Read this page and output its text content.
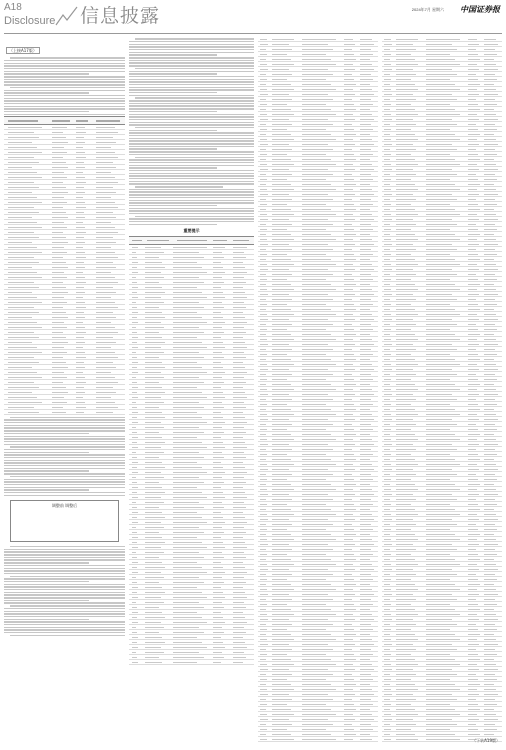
A18
Disclosure 信息披露	2024年7月 星期六 中国证券报
（上接A17版）
调整前 调整后
重要提示
（下转A19版）
